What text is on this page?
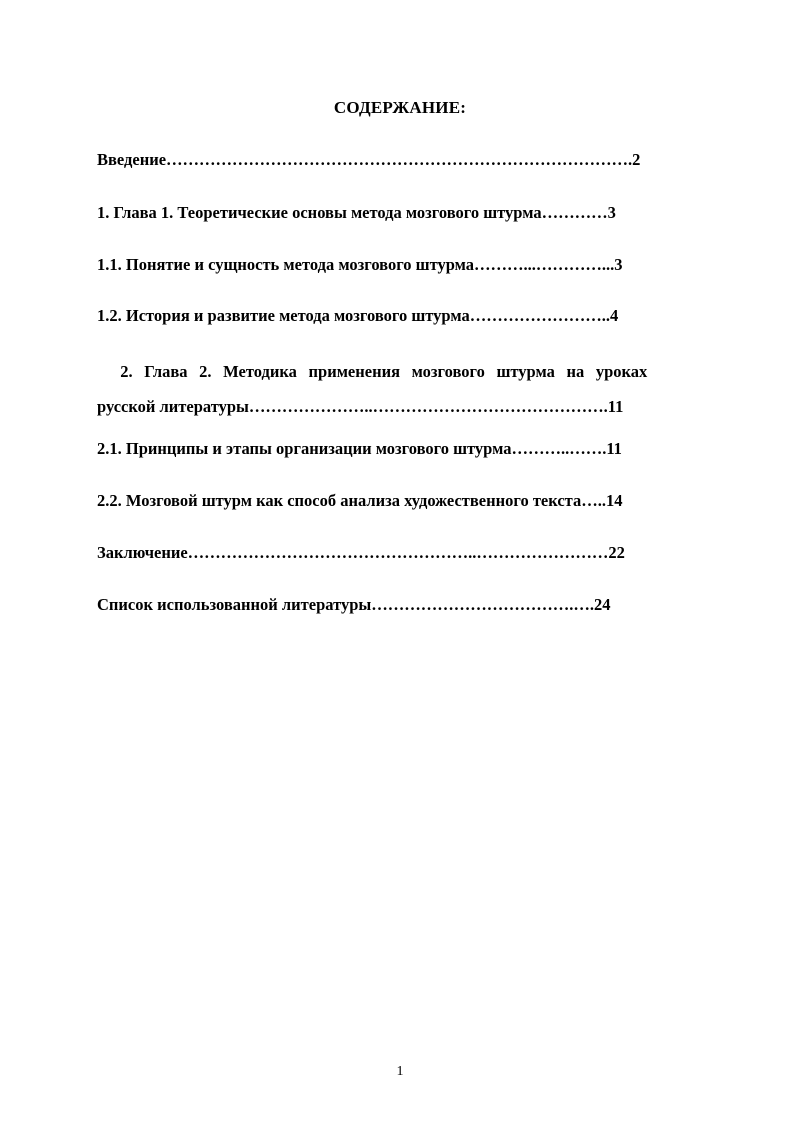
СОДЕРЖАНИЕ:

Введение………………………………………………………………………….2

1. Глава 1. Теоретические основы метода мозгового штурма…………3

1.1. Понятие и сущность метода мозгового штурма………...…………...3

1.2. История и развитие метода мозгового штурма……………………..4

2. Глава 2. Методика применения мозгового штурма на уроках
русской литературы…………………..…………………………………….11

2.1. Принципы и этапы организации мозгового штурма………..…….11

2.2. Мозговой штурм как способ анализа художественного текста…..14

Заключение……………………………………………..……………………22

Список использованной литературы……………………………….….24

1
